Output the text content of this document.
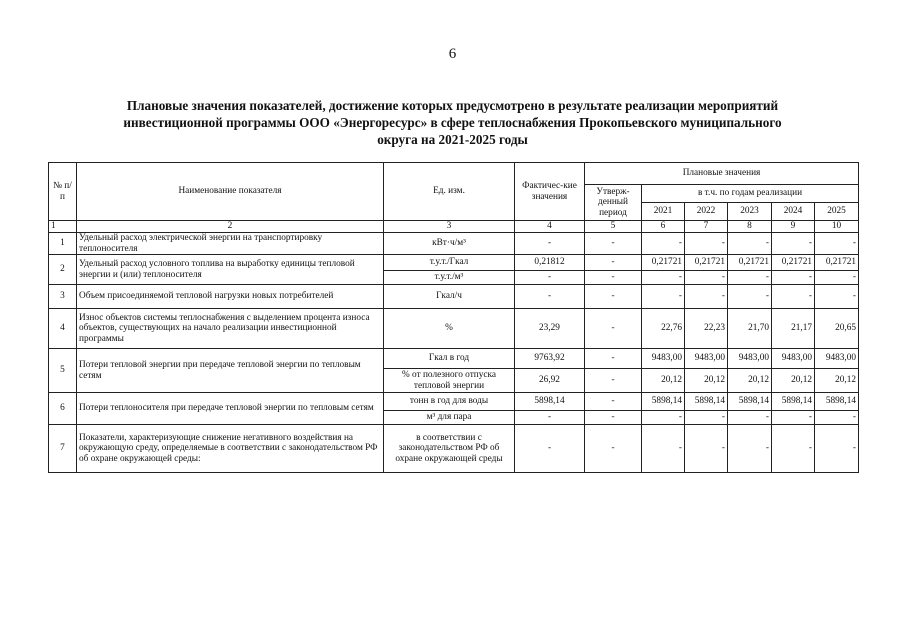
6
Плановые значения показателей, достижение которых предусмотрено в результате реализации мероприятий
инвестиционной программы ООО «Энергоресурс» в сфере теплоснабжения Прокопьевского муниципального
округа на 2021-2025 годы
№ п/п	Наименование показателя	Ед. изм.	Фактичес-кие значения	Плановые значения					
				Утверж-денный период	в т.ч. по годам реализации				
					2021	2022	2023	2024	2025
1	2	3	4	5	6	7	8	9	10
1	Удельный расход электрической энергии на транспортировку теплоносителя	кВт·ч/м³	-	-	-	-	-	-	-
2	Удельный расход условного топлива на выработку единицы тепловой энергии и (или) теплоносителя	т.у.т./Гкал	0,21812	-	0,21721	0,21721	0,21721	0,21721	0,21721
		т.у.т./м³	-	-	-	-	-	-	-
3	Объем присоединяемой тепловой нагрузки новых потребителей	Гкал/ч	-	-	-	-	-	-	-
4	Износ объектов системы теплоснабжения с выделением процента износа объектов, существующих на начало реализации инвестиционной программы	%	23,29	-	22,76	22,23	21,70	21,17	20,65
5	Потери тепловой энергии при передаче тепловой энергии по тепловым сетям	Гкал в год	9763,92	-	9483,00	9483,00	9483,00	9483,00	9483,00
		% от полезного отпуска тепловой энергии	26,92	-	20,12	20,12	20,12	20,12	20,12
6	Потери теплоносителя при передаче тепловой энергии по тепловым сетям	тонн в год для воды	5898,14	-	5898,14	5898,14	5898,14	5898,14	5898,14
		м³ для пара	-	-	-	-	-	-	-
7	Показатели, характеризующие снижение негативного воздействия на окружающую среду, определяемые в соответствии с законодательством РФ об охране окружающей среды:	в соответствии с законодательством РФ об охране окружающей среды	-	-	-	-	-	-	-
